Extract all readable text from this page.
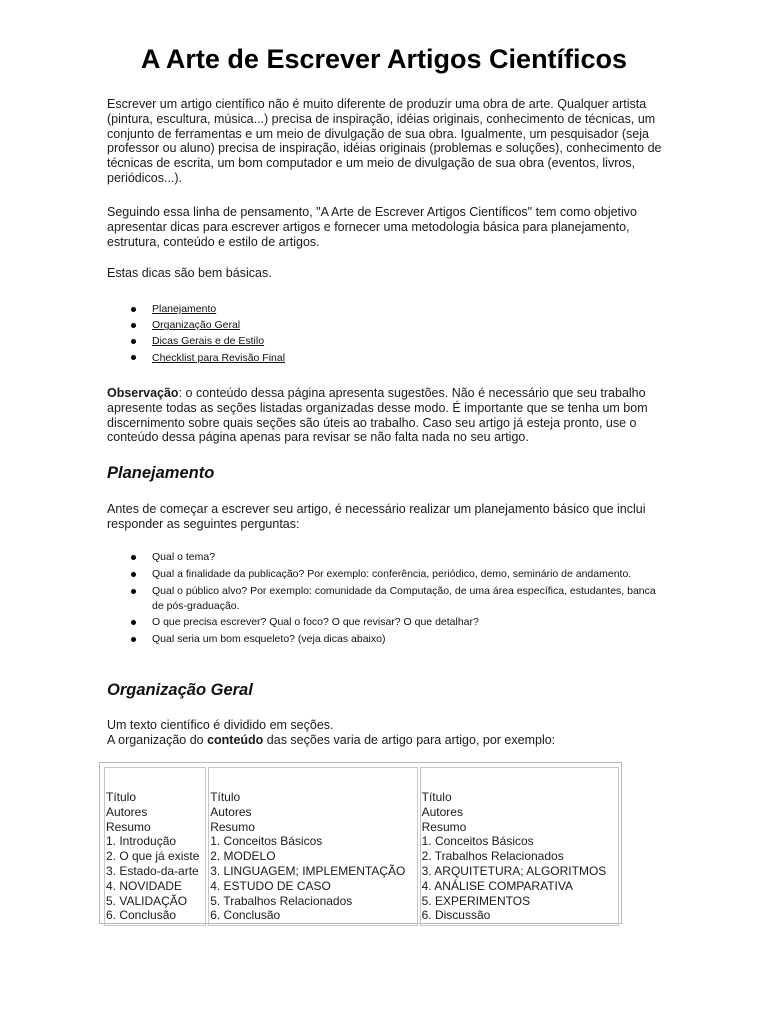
A Arte de Escrever Artigos Científicos

Escrever um artigo científico não é muito diferente de produzir uma obra de arte. Qualquer artista (pintura, escultura, música...) precisa de inspiração, idéias originais, conhecimento de técnicas, um conjunto de ferramentas e um meio de divulgação de sua obra. Igualmente, um pesquisador (seja professor ou aluno) precisa de inspiração, idéias originais (problemas e soluções), conhecimento de técnicas de escrita, um bom computador e um meio de divulgação de sua obra (eventos, livros, periódicos...).

Seguindo essa linha de pensamento, "A Arte de Escrever Artigos Científicos" tem como objetivo apresentar dicas para escrever artigos e fornecer uma metodologia básica para planejamento, estrutura, conteúdo e estilo de artigos.

Estas dicas são bem básicas.

Planejamento
Organização Geral
Dicas Gerais e de Estilo
Checklist para Revisão Final

Observação: o conteúdo dessa página apresenta sugestões. Não é necessário que seu trabalho apresente todas as seções listadas organizadas desse modo. É importante que se tenha um bom discernimento sobre quais seções são úteis ao trabalho. Caso seu artigo já esteja pronto, use o conteúdo dessa página apenas para revisar se não falta nada no seu artigo.

Planejamento

Antes de começar a escrever seu artigo, é necessário realizar um planejamento básico que inclui responder as seguintes perguntas:

Qual o tema?
Qual a finalidade da publicação? Por exemplo: conferência, periódico, demo, seminário de andamento.
Qual o público alvo? Por exemplo: comunidade da Computação, de uma área específica, estudantes, banca de pós-graduação.
O que precisa escrever? Qual o foco? O que revisar? O que detalhar?
Qual seria um bom esqueleto? (veja dicas abaixo)
Organização Geral

Um texto científico é dividido em seções.
A organização do conteúdo das seções varia de artigo para artigo, por exemplo:

Título
Autores
Resumo
1. Introdução
2. O que já existe
3. Estado-da-arte
4. NOVIDADE
5. VALIDAÇÃO
6. Conclusão

Título
Autores
Resumo
1. Conceitos Básicos
2. MODELO
3. LINGUAGEM; IMPLEMENTAÇÃO
4. ESTUDO DE CASO
5. Trabalhos Relacionados
6. Conclusão

Título
Autores
Resumo
1. Conceitos Básicos
2. Trabalhos Relacionados
3. ARQUITETURA; ALGORITMOS
4. ANÁLISE COMPARATIVA
5. EXPERIMENTOS
6. Discussão
